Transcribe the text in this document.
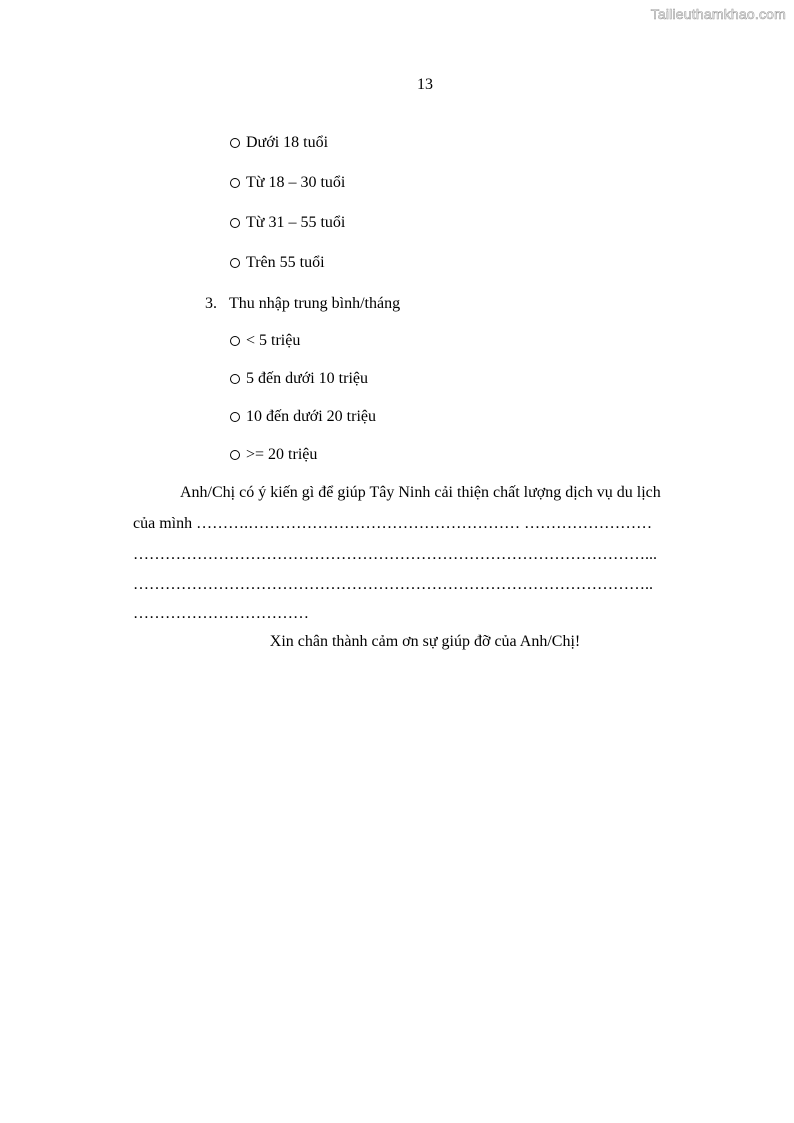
Tailieuthamkhao.com
13
Dưới 18 tuổi
Từ 18 – 30 tuổi
Từ 31 – 55 tuổi
Trên 55 tuổi
3. Thu nhập trung bình/tháng
< 5 triệu
5 đến dưới 10 triệu
10 đến dưới 20 triệu
>= 20 triệu
Anh/Chị có ý kiến gì để giúp Tây Ninh cải thiện chất lượng dịch vụ du lịch
của mình ……….…………………………………………… ……………………
……………………………………………………………………………………...
……………………………………………………………………………………..
……………………………
Xin chân thành cảm ơn sự giúp đỡ của Anh/Chị!
